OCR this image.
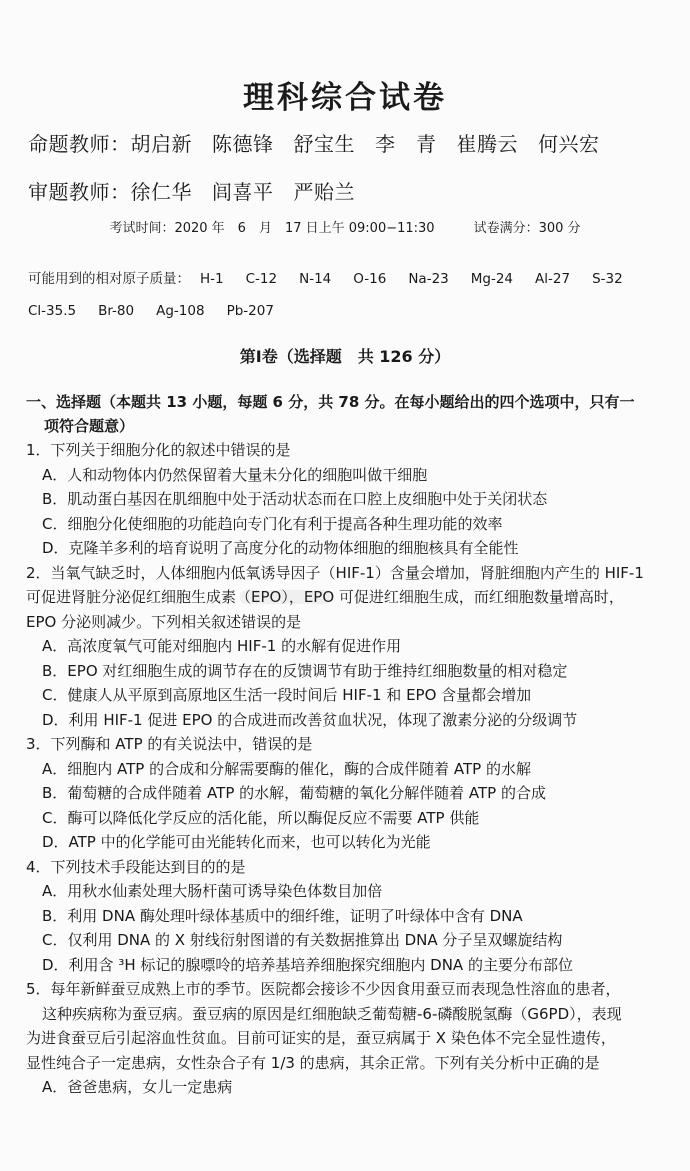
理科综合试卷
命题教师：胡启新 陈德锋 舒宝生 李　青 崔腾云 何兴宏
审题教师：徐仁华 闾喜平 严贻兰
考试时间：2020 年　6　月　17 日上午 09:00−11:30　　　试卷满分：300 分
可能用到的相对原子质量： H-1 C-12 N-14 O-16 Na-23 Mg-24 Al-27 S-32
Cl-35.5 Br-80 Ag-108 Pb-207
第Ⅰ卷（选择题　共 126 分）
一、选择题（本题共 13 小题，每题 6 分，共 78 分。在每小题给出的四个选项中，只有一
项符合题意）
1．下列关于细胞分化的叙述中错误的是
A．人和动物体内仍然保留着大量未分化的细胞叫做干细胞
B．肌动蛋白基因在肌细胞中处于活动状态而在口腔上皮细胞中处于关闭状态
C．细胞分化使细胞的功能趋向专门化有利于提高各种生理功能的效率
D．克隆羊多利的培育说明了高度分化的动物体细胞的细胞核具有全能性
2．当氧气缺乏时，人体细胞内低氧诱导因子（HIF-1）含量会增加，肾脏细胞内产生的 HIF-1
可促进肾脏分泌促红细胞生成素（EPO），EPO 可促进红细胞生成，而红细胞数量增高时，
EPO 分泌则减少。下列相关叙述错误的是
A．高浓度氧气可能对细胞内 HIF-1 的水解有促进作用
B．EPO 对红细胞生成的调节存在的反馈调节有助于维持红细胞数量的相对稳定
C．健康人从平原到高原地区生活一段时间后 HIF-1 和 EPO 含量都会增加
D．利用 HIF-1 促进 EPO 的合成进而改善贫血状况，体现了激素分泌的分级调节
3．下列酶和 ATP 的有关说法中，错误的是
A．细胞内 ATP 的合成和分解需要酶的催化，酶的合成伴随着 ATP 的水解
B．葡萄糖的合成伴随着 ATP 的水解，葡萄糖的氧化分解伴随着 ATP 的合成
C．酶可以降低化学反应的活化能，所以酶促反应不需要 ATP 供能
D．ATP 中的化学能可由光能转化而来，也可以转化为光能
4．下列技术手段能达到目的的是
A．用秋水仙素处理大肠杆菌可诱导染色体数目加倍
B．利用 DNA 酶处理叶绿体基质中的细纤维，证明了叶绿体中含有 DNA
C．仅利用 DNA 的 X 射线衍射图谱的有关数据推算出 DNA 分子呈双螺旋结构
D．利用含 ³H 标记的腺嘌呤的培养基培养细胞探究细胞内 DNA 的主要分布部位
5．每年新鲜蚕豆成熟上市的季节。医院都会接诊不少因食用蚕豆而表现急性溶血的患者，
这种疾病称为蚕豆病。蚕豆病的原因是红细胞缺乏葡萄糖-6-磷酸脱氢酶（G6PD），表现
为进食蚕豆后引起溶血性贫血。目前可证实的是，蚕豆病属于 X 染色体不完全显性遗传，
显性纯合子一定患病，女性杂合子有 1/3 的患病，其余正常。下列有关分析中正确的是
A．爸爸患病，女儿一定患病
